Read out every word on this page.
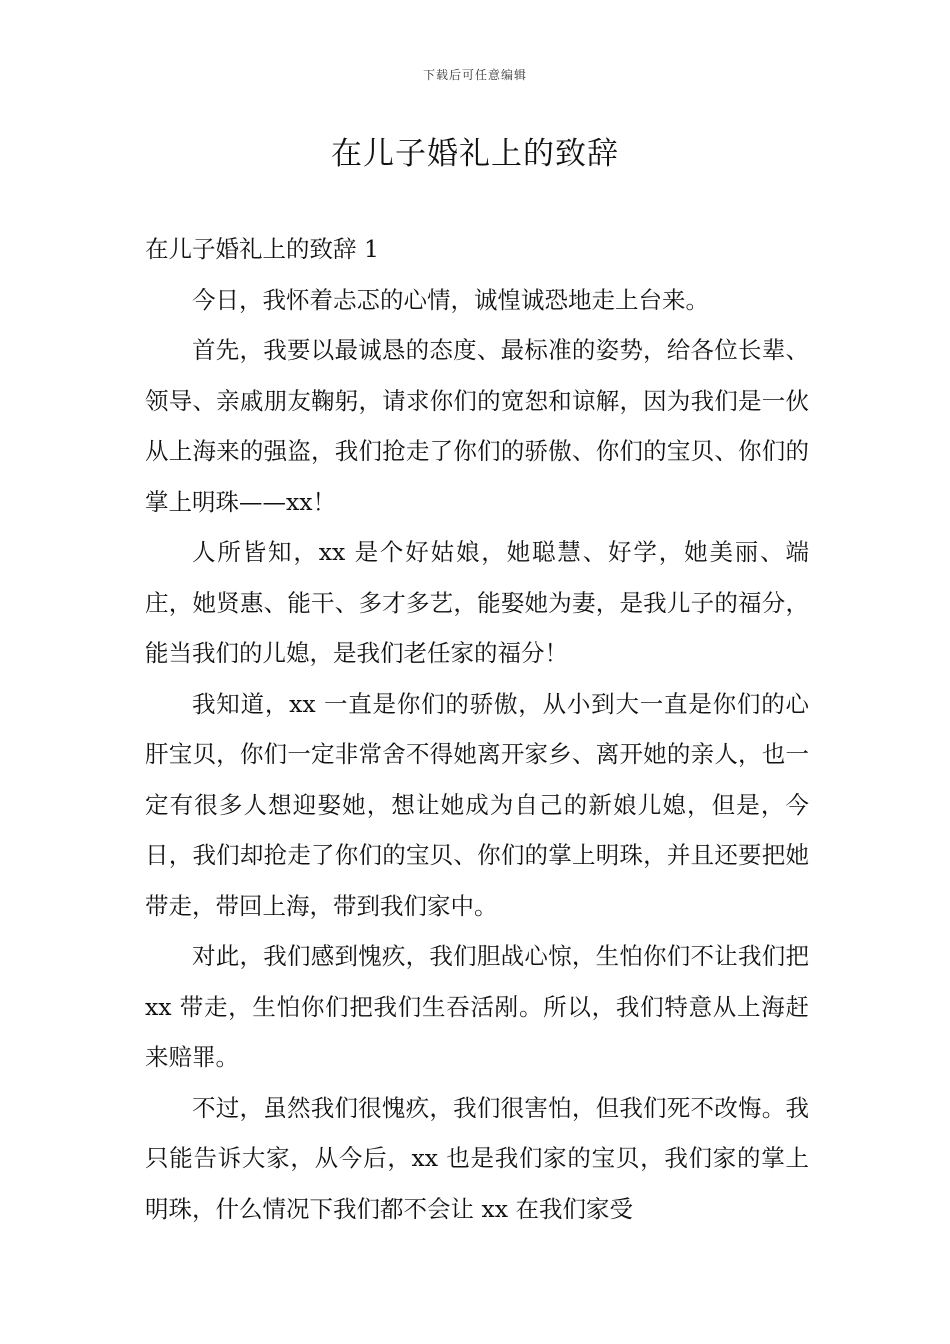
下载后可任意编辑
在儿子婚礼上的致辞

在儿子婚礼上的致辞 1

今日，我怀着忐忑的心情，诚惶诚恐地走上台来。

首先，我要以最诚恳的态度、最标准的姿势，给各位长辈、领导、亲戚朋友鞠躬，请求你们的宽恕和谅解，因为我们是一伙从上海来的强盗，我们抢走了你们的骄傲、你们的宝贝、你们的掌上明珠——xx！

人所皆知，xx 是个好姑娘，她聪慧、好学，她美丽、端庄，她贤惠、能干、多才多艺，能娶她为妻，是我儿子的福分，能当我们的儿媳，是我们老任家的福分！

我知道，xx 一直是你们的骄傲，从小到大一直是你们的心肝宝贝，你们一定非常舍不得她离开家乡、离开她的亲人，也一定有很多人想迎娶她，想让她成为自己的新娘儿媳，但是，今日，我们却抢走了你们的宝贝、你们的掌上明珠，并且还要把她带走，带回上海，带到我们家中。

对此，我们感到愧疚，我们胆战心惊，生怕你们不让我们把 xx 带走，生怕你们把我们生吞活剐。所以，我们特意从上海赶来赔罪。

不过，虽然我们很愧疚，我们很害怕，但我们死不改悔。我只能告诉大家，从今后，xx 也是我们家的宝贝，我们家的掌上明珠，什么情况下我们都不会让 xx 在我们家受
